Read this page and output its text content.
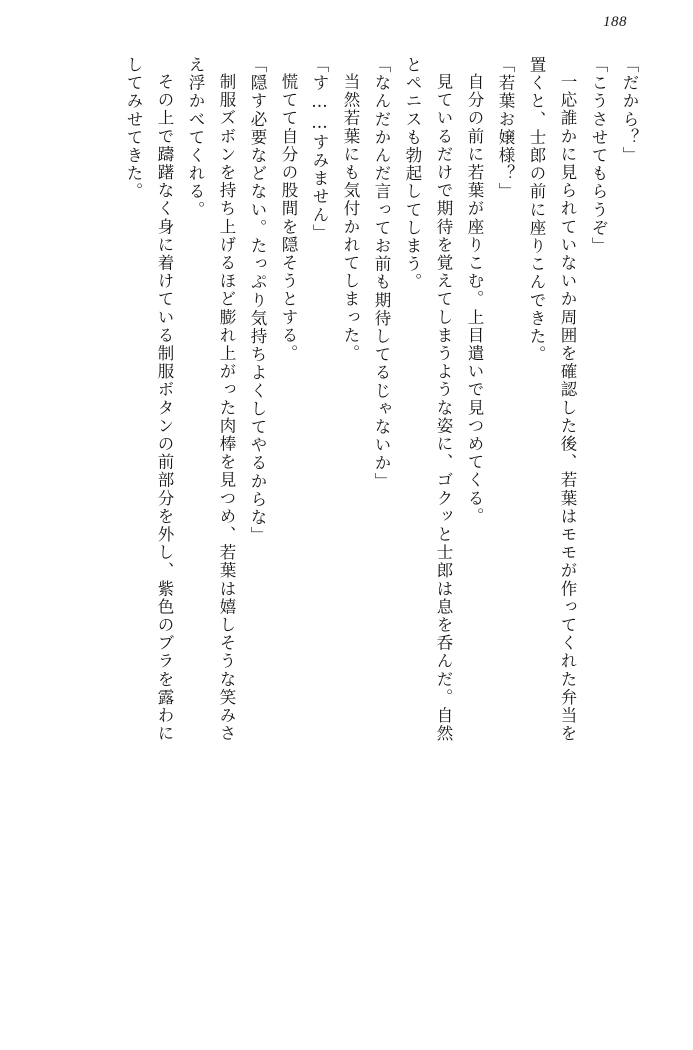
188
「だから？」
「こうさせてもらうぞ」
一応誰かに見られていないか周囲を確認した後、若葉はモモが作ってくれた弁当を
置くと、士郎の前に座りこんできた。
「若葉お嬢様？」
自分の前に若葉が座りこむ。上目遣いで見つめてくる。
見ているだけで期待を覚えてしまうような姿に、ゴクッと士郎は息を呑んだ。自然
とペニスも勃起してしまう。
「なんだかんだ言ってお前も期待してるじゃないか」
当然若葉にも気付かれてしまった。
「す……すみません」
慌てて自分の股間を隠そうとする。
「隠す必要などない。たっぷり気持ちよくしてやるからな」
制服ズボンを持ち上げるほど膨れ上がった肉棒を見つめ、若葉は嬉しそうな笑みさ
え浮かべてくれる。
その上で躊躇なく身に着けている制服ボタンの前部分を外し、紫色のブラを露わに
してみせてきた。
